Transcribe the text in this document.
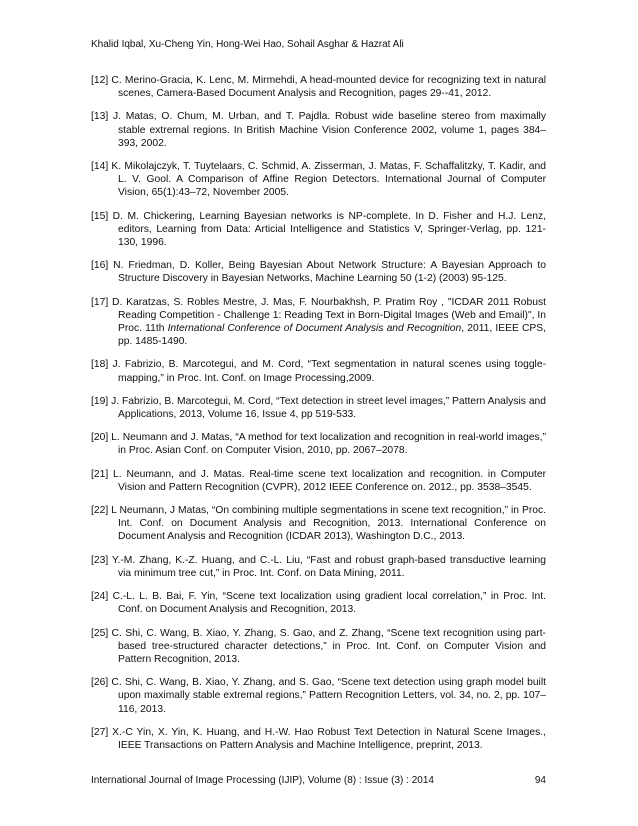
Khalid Iqbal, Xu-Cheng Yin, Hong-Wei Hao, Sohail Asghar & Hazrat Ali

[12] C. Merino-Gracia, K. Lenc, M. Mirmehdi, A head-mounted device for recognizing text in natural scenes, Camera-Based Document Analysis and Recognition, pages 29--41, 2012.

[13] J. Matas, O. Chum, M. Urban, and T. Pajdla. Robust wide baseline stereo from maximally stable extremal regions. In British Machine Vision Conference 2002, volume 1, pages 384–393, 2002.

[14] K. Mikolajczyk, T. Tuytelaars, C. Schmid, A. Zisserman, J. Matas, F. Schaffalitzky, T. Kadir, and L. V. Gool. A Comparison of Affine Region Detectors. International Journal of Computer Vision, 65(1):43–72, November 2005.

[15] D. M. Chickering, Learning Bayesian networks is NP-complete. In D. Fisher and H.J. Lenz, editors, Learning from Data: Articial Intelligence and Statistics V, Springer-Verlag, pp. 121-130, 1996.

[16] N. Friedman, D. Koller, Being Bayesian About Network Structure: A Bayesian Approach to Structure Discovery in Bayesian Networks, Machine Learning 50 (1-2) (2003) 95-125.

[17] D. Karatzas, S. Robles Mestre, J. Mas, F. Nourbakhsh, P. Pratim Roy , "ICDAR 2011 Robust Reading Competition - Challenge 1: Reading Text in Born-Digital Images (Web and Email)", In Proc. 11th International Conference of Document Analysis and Recognition, 2011, IEEE CPS, pp. 1485-1490.

[18] J. Fabrizio, B. Marcotegui, and M. Cord, “Text segmentation in natural scenes using toggle-mapping,” in Proc. Int. Conf. on Image Processing,2009.

[19] J. Fabrizio, B. Marcotegui, M. Cord, “Text detection in street level images,” Pattern Analysis and Applications, 2013, Volume 16, Issue 4, pp 519-533.

[20] L. Neumann and J. Matas, “A method for text localization and recognition in real-world images,” in Proc. Asian Conf. on Computer Vision, 2010, pp. 2067–2078.

[21] L. Neumann, and J. Matas. Real-time scene text localization and recognition. in Computer Vision and Pattern Recognition (CVPR), 2012 IEEE Conference on. 2012., pp. 3538–3545.

[22] L Neumann, J Matas, “On combining multiple segmentations in scene text recognition,” in Proc. Int. Conf. on Document Analysis and Recognition, 2013. International Conference on Document Analysis and Recognition (ICDAR 2013), Washington D.C., 2013.

[23] Y.-M. Zhang, K.-Z. Huang, and C.-L. Liu, “Fast and robust graph-based transductive learning via minimum tree cut,” in Proc. Int. Conf. on Data Mining, 2011.

[24] C.-L. L. B. Bai, F. Yin, “Scene text localization using gradient local correlation,” in Proc. Int. Conf. on Document Analysis and Recognition, 2013.

[25] C. Shi, C. Wang, B. Xiao, Y. Zhang, S. Gao, and Z. Zhang, “Scene text recognition using part-based tree-structured character detections,” in Proc. Int. Conf. on Computer Vision and Pattern Recognition, 2013.

[26] C. Shi, C. Wang, B. Xiao, Y. Zhang, and S. Gao, “Scene text detection using graph model built upon maximally stable extremal regions,” Pattern Recognition Letters, vol. 34, no. 2, pp. 107–116, 2013.

[27] X.-C Yin, X. Yin, K. Huang, and H.-W. Hao Robust Text Detection in Natural Scene Images., IEEE Transactions on Pattern Analysis and Machine Intelligence, preprint, 2013.

International Journal of Image Processing (IJIP), Volume (8) : Issue (3) : 2014	94
